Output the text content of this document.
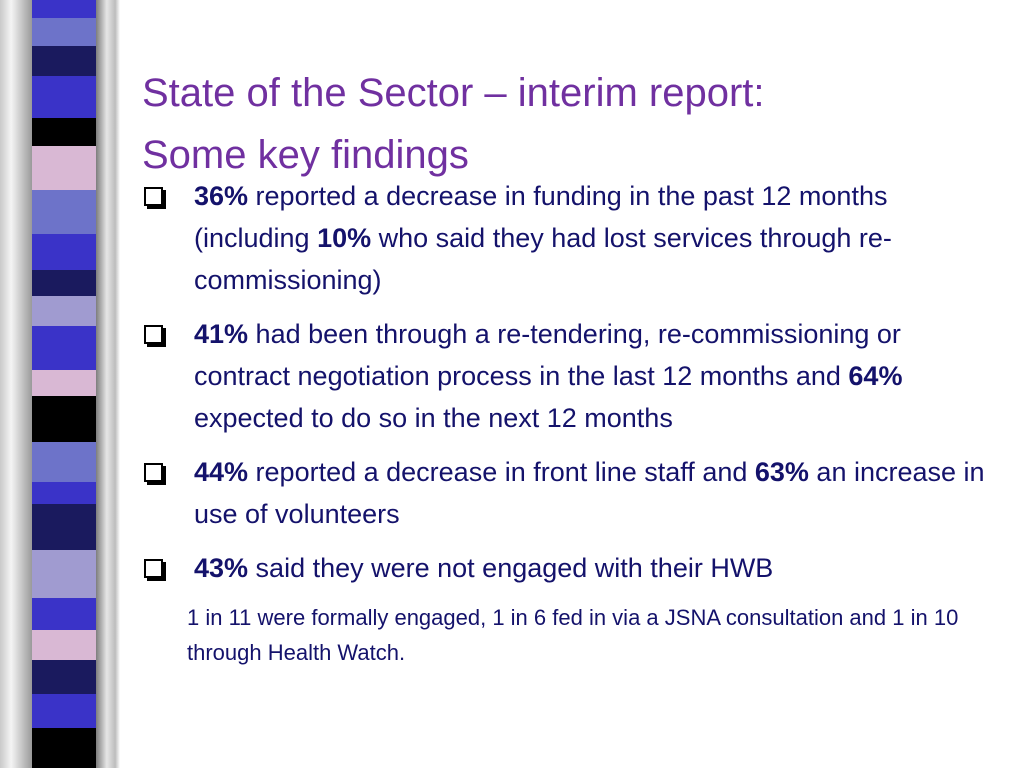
State of the Sector – interim report:
Some key findings
36% reported a decrease in funding in the past 12 months (including 10% who said they had lost services through re-commissioning)
41% had been through a re-tendering, re-commissioning or contract negotiation process in the last 12 months and 64% expected to do so in the next 12 months
44% reported a decrease in front line staff and 63% an increase in use of volunteers
43% said they were not engaged with their HWB
1 in 11 were formally engaged, 1 in 6 fed in via a JSNA consultation and 1 in 10 through Health Watch.
